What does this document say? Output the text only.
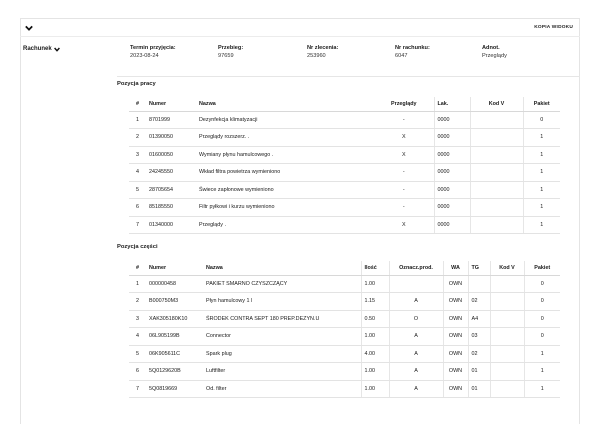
KOPIA WIDOKU
Rachunek	Termin przyjęcia:
2023-08-24
Przebieg:
97659
Nr zlecenia:
253960
Nr rachunku:
6047
Adnot.
Przeglądy
Pozycja pracy
#	Numer	Nazwa	Przeglądy	Lak.	Kod V	Pakiet
1	8701999	Dezynfekcja klimatyzacji	-	0000		0
2	01390050	Przeglądy rozszerz. .	X	0000		1
3	01600050	Wymiany płynu hamulcowego .	X	0000		1
4	24245550	Wkład filtra powietrza wymieniono	-	0000		1
5	28705654	Świece zapłonowe wymieniono	-	0000		1
6	85185550	Filtr pyłkowi i kurzu wymieniono	-	0000		1
7	01340000	Przeglądy .	X	0000		1
Pozycja części
#	Numer	Nazwa	Ilość	Oznacz.prod.	WA	TG	Kod V	Pakiet
1	000000458	PAKIET SMARNO CZYSZCZĄCY	1.00		OWN			0
2	B000750M3	Płyn hamulcowy 1 l	1.15	A	OWN	02		0
3	XAK305180K10	ŚRODEK CONTRA SEPT 180 PREP.DEZYN.U	0.50	O	OWN	A4		0
4	06L905199B	Connector	1.00	A	OWN	03		0
5	06K905611C	Spark plug	4.00	A	OWN	02		1
6	5Q0129620B	Luftfilter	1.00	A	OWN	01		1
7	5Q0819669	Od. filter	1.00	A	OWN	01		1
